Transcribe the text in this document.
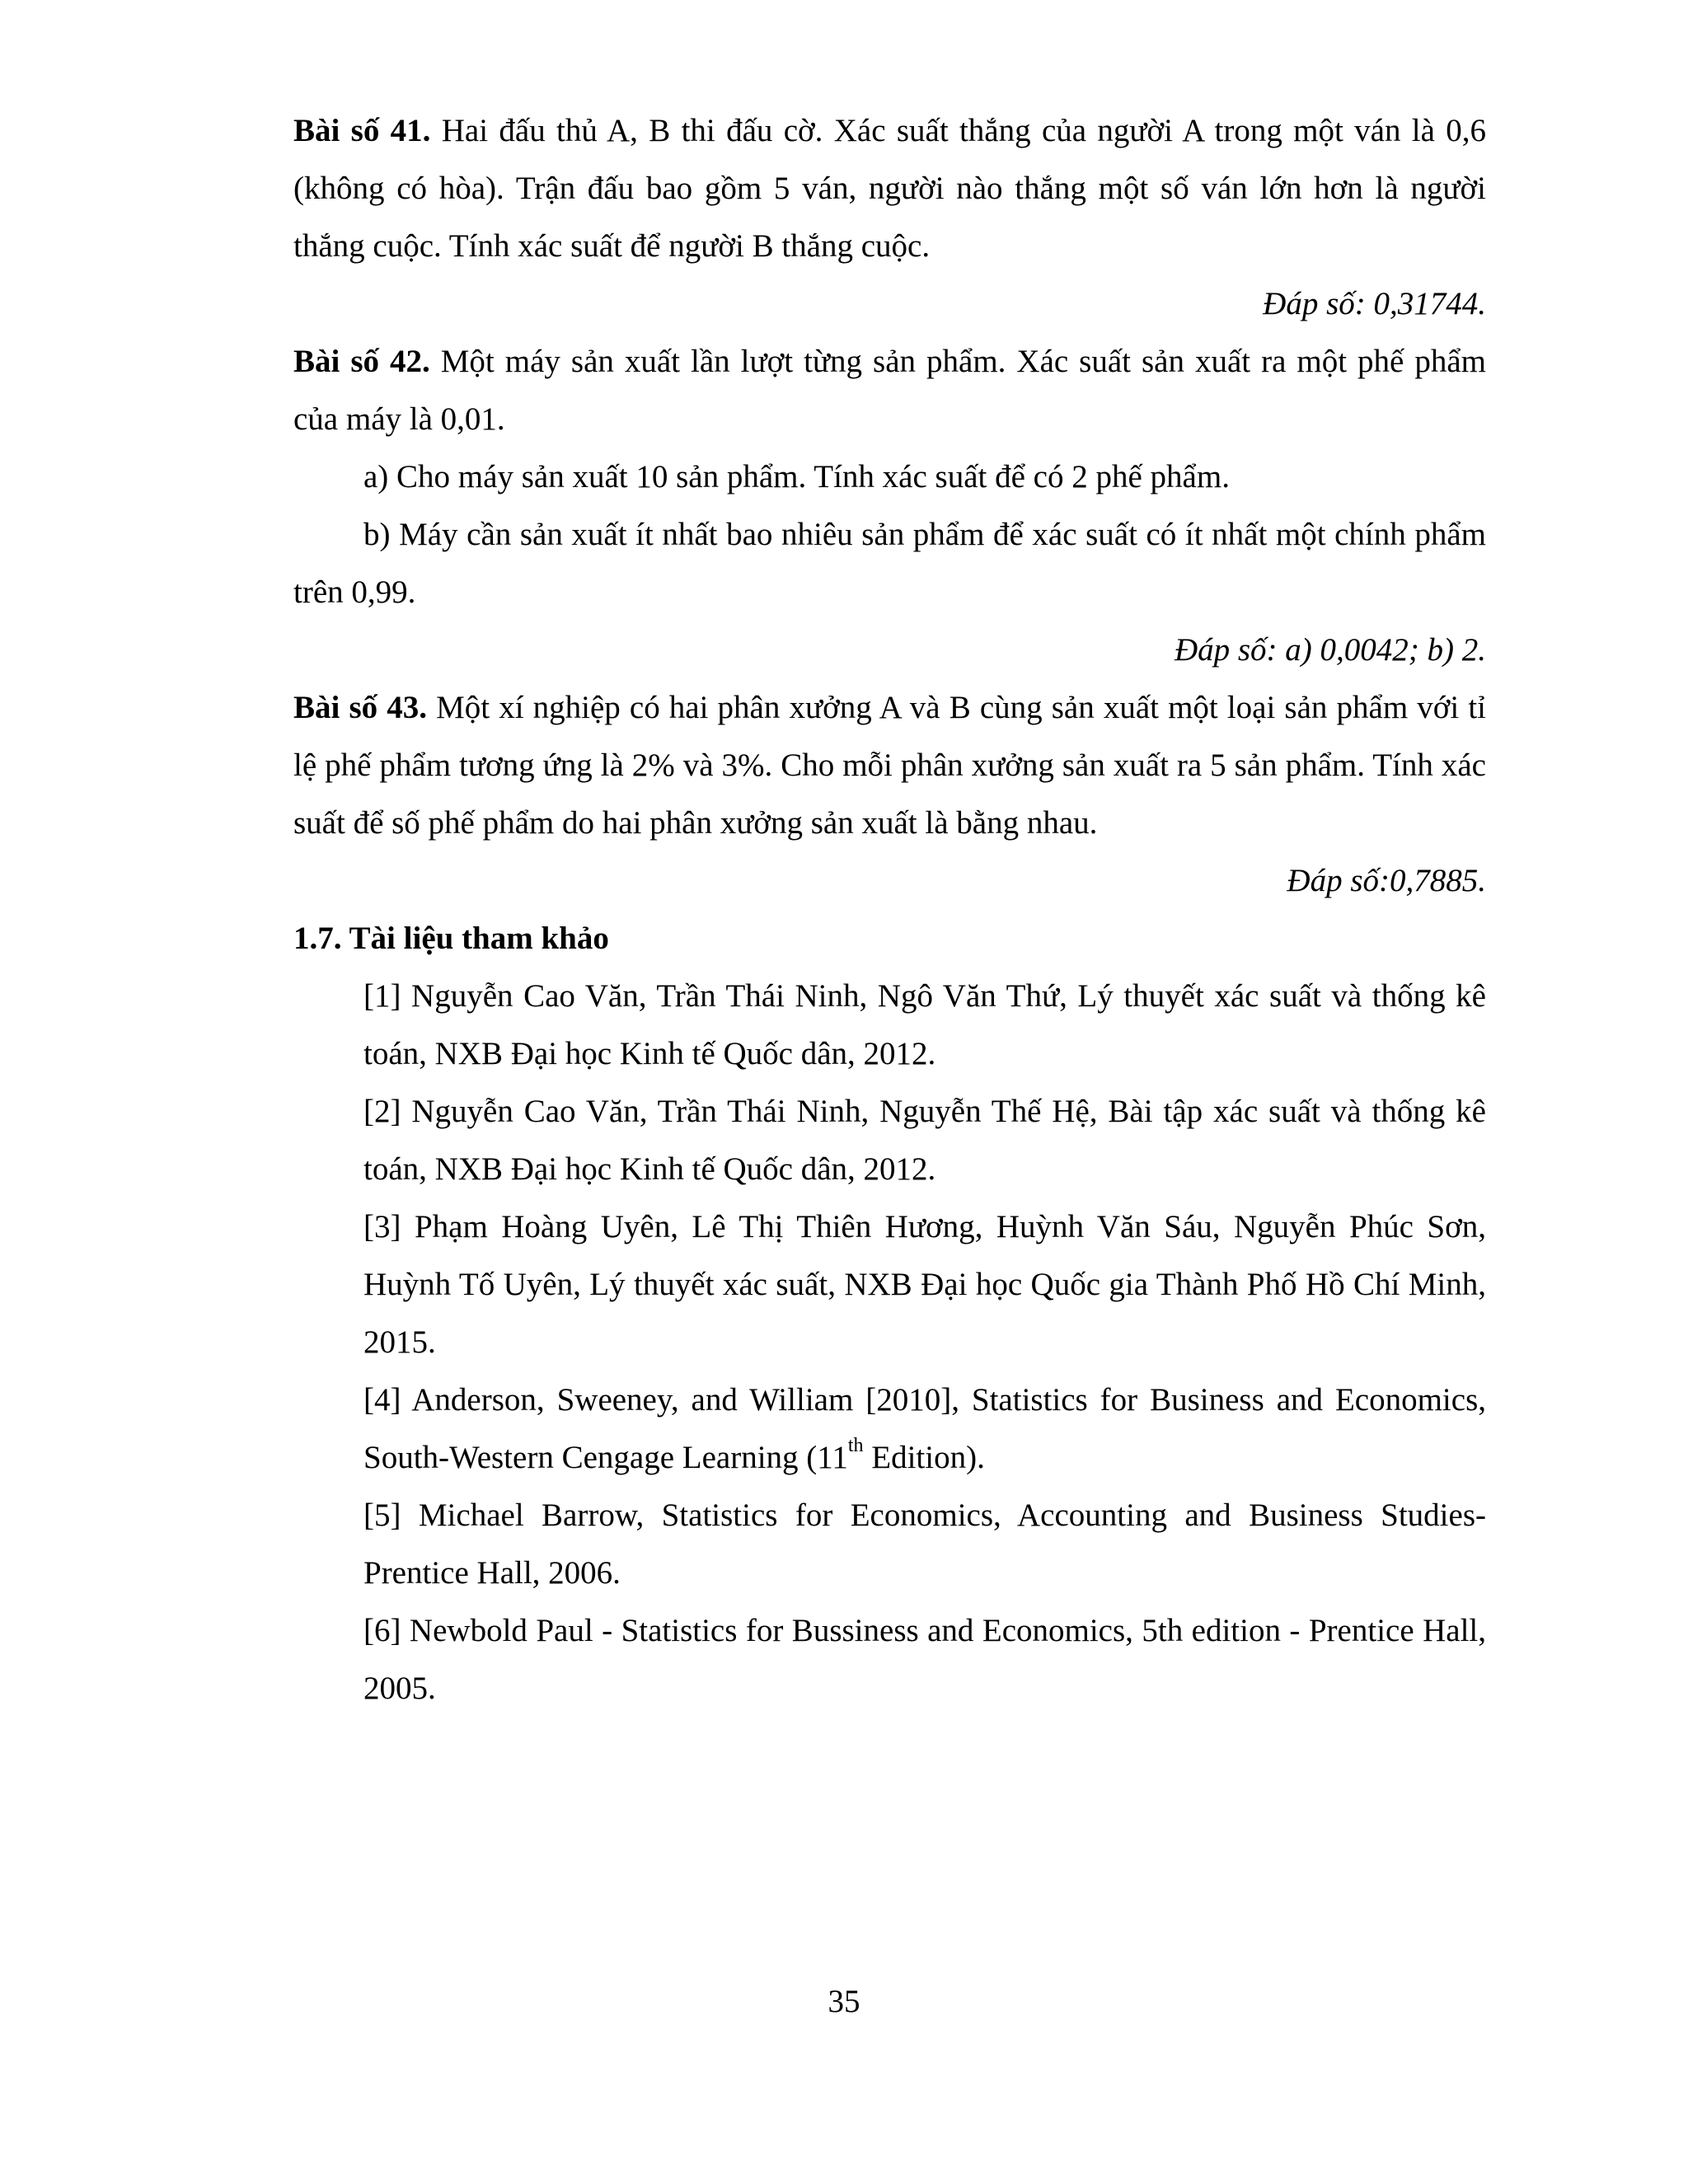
Bài số 41. Hai đấu thủ A, B thi đấu cờ. Xác suất thắng của người A trong một ván là 0,6 (không có hòa). Trận đấu bao gồm 5 ván, người nào thắng một số ván lớn hơn là người thắng cuộc. Tính xác suất để người B thắng cuộc.

Đáp số: 0,31744.

Bài số 42. Một máy sản xuất lần lượt từng sản phẩm. Xác suất sản xuất ra một phế phẩm của máy là 0,01.

a) Cho máy sản xuất 10 sản phẩm. Tính xác suất để có 2 phế phẩm.

b) Máy cần sản xuất ít nhất bao nhiêu sản phẩm để xác suất có ít nhất một chính phẩm trên 0,99.

Đáp số: a) 0,0042; b) 2.

Bài số 43. Một xí nghiệp có hai phân xưởng A và B cùng sản xuất một loại sản phẩm với tỉ lệ phế phẩm tương ứng là 2% và 3%. Cho mỗi phân xưởng sản xuất ra 5 sản phẩm. Tính xác suất để số phế phẩm do hai phân xưởng sản xuất là bằng nhau.

Đáp số:0,7885.

1.7. Tài liệu tham khảo

[1] Nguyễn Cao Văn, Trần Thái Ninh, Ngô Văn Thứ, Lý thuyết xác suất và thống kê toán, NXB Đại học Kinh tế Quốc dân, 2012.

[2] Nguyễn Cao Văn, Trần Thái Ninh, Nguyễn Thế Hệ, Bài tập xác suất và thống kê toán, NXB Đại học Kinh tế Quốc dân, 2012.

[3] Phạm Hoàng Uyên, Lê Thị Thiên Hương, Huỳnh Văn Sáu, Nguyễn Phúc Sơn, Huỳnh Tố Uyên, Lý thuyết xác suất, NXB Đại học Quốc gia Thành Phố Hồ Chí Minh, 2015.

[4] Anderson, Sweeney, and William [2010], Statistics for Business and Economics, South-Western Cengage Learning (11th Edition).

[5] Michael Barrow, Statistics for Economics, Accounting and Business Studies-Prentice Hall, 2006.

[6] Newbold Paul - Statistics for Bussiness and Economics, 5th edition - Prentice Hall, 2005.

35
